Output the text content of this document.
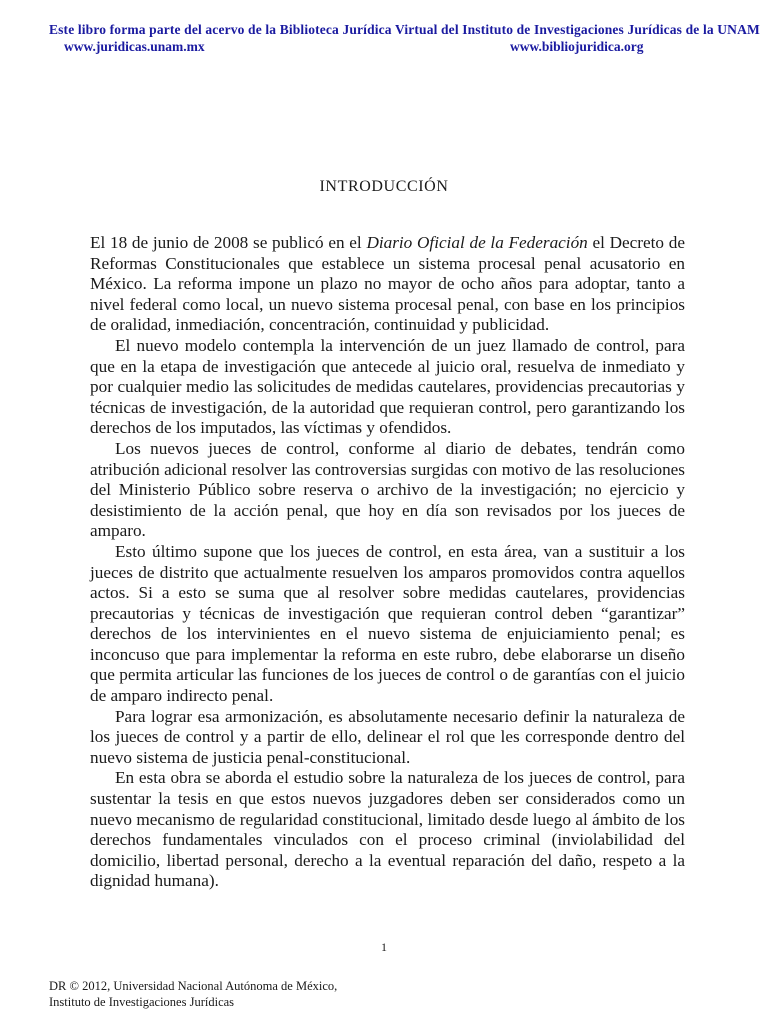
Este libro forma parte del acervo de la Biblioteca Jurídica Virtual del Instituto de Investigaciones Jurídicas de la UNAM
www.juridicas.unam.mx	www.bibliojuridica.org
INTRODUCCIÓN

El 18 de junio de 2008 se publicó en el Diario Oficial de la Federación el Decreto de Reformas Constitucionales que establece un sistema procesal penal acusatorio en México. La reforma impone un plazo no mayor de ocho años para adoptar, tanto a nivel federal como local, un nuevo sistema procesal penal, con base en los principios de oralidad, inmediación, concentración, continuidad y publicidad.

El nuevo modelo contempla la intervención de un juez llamado de control, para que en la etapa de investigación que antecede al juicio oral, resuelva de inmediato y por cualquier medio las solicitudes de medidas cautelares, providencias precautorias y técnicas de investigación, de la autoridad que requieran control, pero garantizando los derechos de los imputados, las víctimas y ofendidos.

Los nuevos jueces de control, conforme al diario de debates, tendrán como atribución adicional resolver las controversias surgidas con motivo de las resoluciones del Ministerio Público sobre reserva o archivo de la investigación; no ejercicio y desistimiento de la acción penal, que hoy en día son revisados por los jueces de amparo.

Esto último supone que los jueces de control, en esta área, van a sustituir a los jueces de distrito que actualmente resuelven los amparos promovidos contra aquellos actos. Si a esto se suma que al resolver sobre medidas cautelares, providencias precautorias y técnicas de investigación que requieran control deben “garantizar” derechos de los intervinientes en el nuevo sistema de enjuiciamiento penal; es inconcuso que para implementar la reforma en este rubro, debe elaborarse un diseño que permita articular las funciones de los jueces de control o de garantías con el juicio de amparo indirecto penal.

Para lograr esa armonización, es absolutamente necesario definir la naturaleza de los jueces de control y a partir de ello, delinear el rol que les corresponde dentro del nuevo sistema de justicia penal-constitucional.

En esta obra se aborda el estudio sobre la naturaleza de los jueces de control, para sustentar la tesis en que estos nuevos juzgadores deben ser considerados como un nuevo mecanismo de regularidad constitucional, limitado desde luego al ámbito de los derechos fundamentales vinculados con el proceso criminal (inviolabilidad del domicilio, libertad personal, derecho a la eventual reparación del daño, respeto a la dignidad humana).

1
DR © 2012, Universidad Nacional Autónoma de México,
Instituto de Investigaciones Jurídicas
